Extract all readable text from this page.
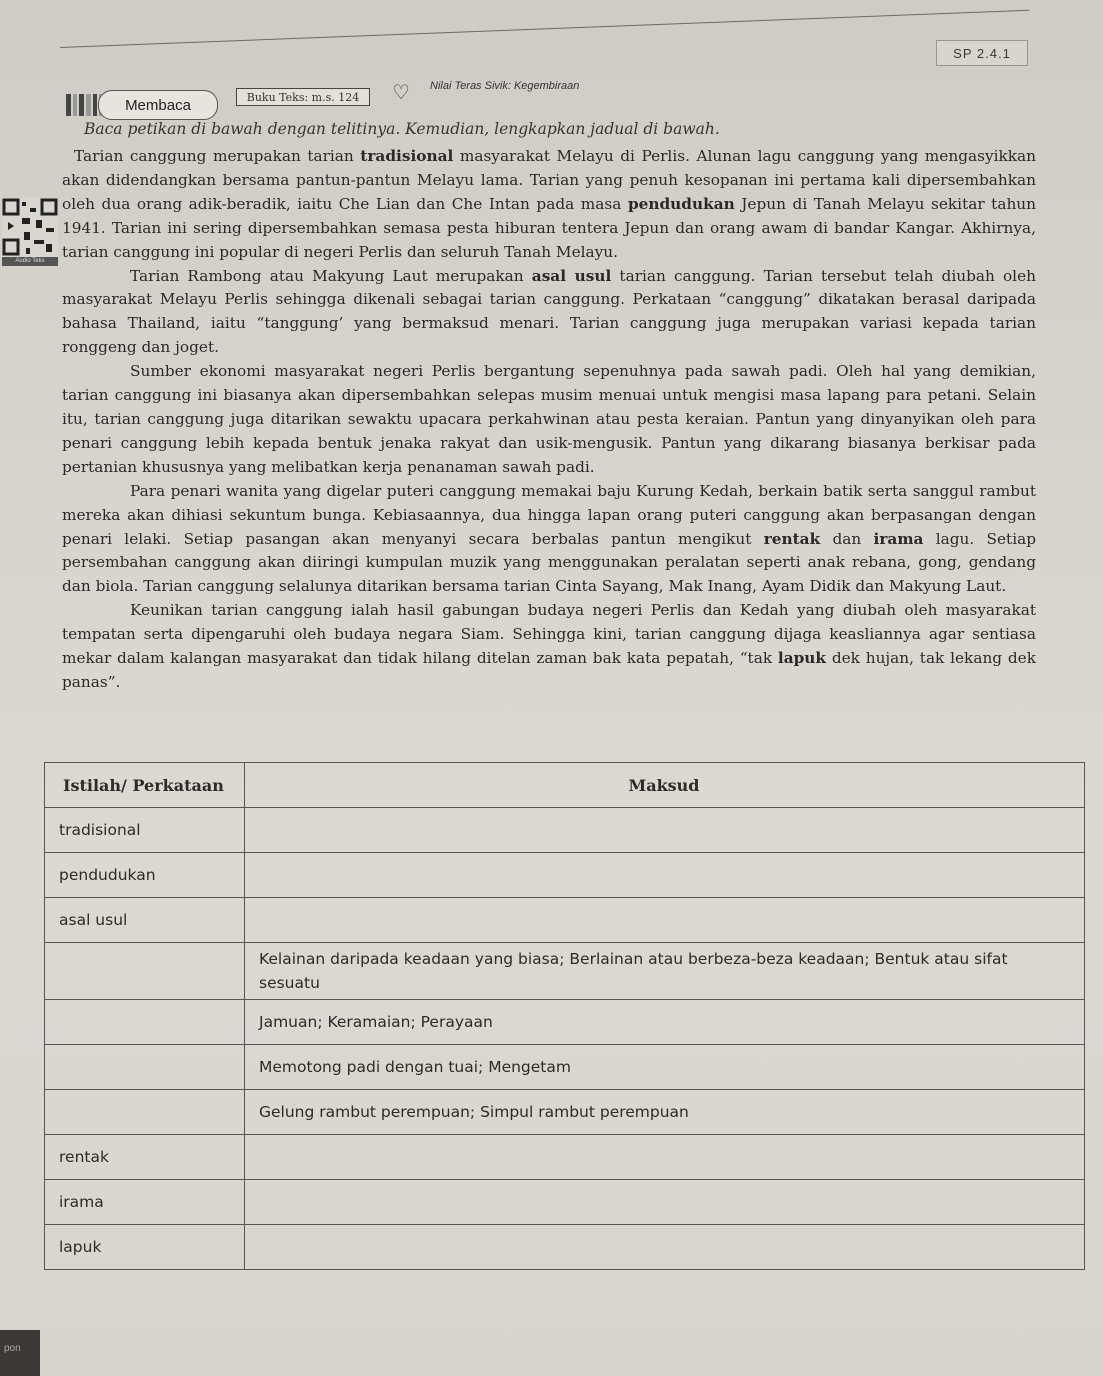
SP 2.4.1
Membaca	Buku Teks: m.s. 124	♡ Nilai Teras Sivik: Kegembiraan
Baca petikan di bawah dengan telitinya. Kemudian, lengkapkan jadual di bawah.
Audio Teks

Tarian canggung merupakan tarian tradisional masyarakat Melayu di Perlis. Alunan lagu canggung yang mengasyikkan akan didendangkan bersama pantun-pantun Melayu lama. Tarian yang penuh kesopanan ini pertama kali dipersembahkan oleh dua orang adik-beradik, iaitu Che Lian dan Che Intan pada masa pendudukan Jepun di Tanah Melayu sekitar tahun 1941. Tarian ini sering dipersembahkan semasa pesta hiburan tentera Jepun dan orang awam di bandar Kangar. Akhirnya, tarian canggung ini popular di negeri Perlis dan seluruh Tanah Melayu.

Tarian Rambong atau Makyung Laut merupakan asal usul tarian canggung. Tarian tersebut telah diubah oleh masyarakat Melayu Perlis sehingga dikenali sebagai tarian canggung. Perkataan “canggung” dikatakan berasal daripada bahasa Thailand, iaitu “tanggung’ yang bermaksud menari. Tarian canggung juga merupakan variasi kepada tarian ronggeng dan joget.

Sumber ekonomi masyarakat negeri Perlis bergantung sepenuhnya pada sawah padi. Oleh hal yang demikian, tarian canggung ini biasanya akan dipersembahkan selepas musim menuai untuk mengisi masa lapang para petani. Selain itu, tarian canggung juga ditarikan sewaktu upacara perkahwinan atau pesta keraian. Pantun yang dinyanyikan oleh para penari canggung lebih kepada bentuk jenaka rakyat dan usik-mengusik. Pantun yang dikarang biasanya berkisar pada pertanian khususnya yang melibatkan kerja penanaman sawah padi.

Para penari wanita yang digelar puteri canggung memakai baju Kurung Kedah, berkain batik serta sanggul rambut mereka akan dihiasi sekuntum bunga. Kebiasaannya, dua hingga lapan orang puteri canggung akan berpasangan dengan penari lelaki. Setiap pasangan akan menyanyi secara berbalas pantun mengikut rentak dan irama lagu. Setiap persembahan canggung akan diiringi kumpulan muzik yang menggunakan peralatan seperti anak rebana, gong, gendang dan biola. Tarian canggung selalunya ditarikan bersama tarian Cinta Sayang, Mak Inang, Ayam Didik dan Makyung Laut.

Keunikan tarian canggung ialah hasil gabungan budaya negeri Perlis dan Kedah yang diubah oleh masyarakat tempatan serta dipengaruhi oleh budaya negara Siam. Sehingga kini, tarian canggung dijaga keasliannya agar sentiasa mekar dalam kalangan masyarakat dan tidak hilang ditelan zaman bak kata pepatah, “tak lapuk dek hujan, tak lekang dek panas”.

Istilah/ Perkataan	Maksud
tradisional	
pendudukan	
asal usul	
	Kelainan daripada keadaan yang biasa; Berlainan atau berbeza-beza keadaan; Bentuk atau sifat sesuatu
	Jamuan; Keramaian; Perayaan
	Memotong padi dengan tuai; Mengetam
	Gelung rambut perempuan; Simpul rambut perempuan
rentak	
irama	
lapuk	
pon
